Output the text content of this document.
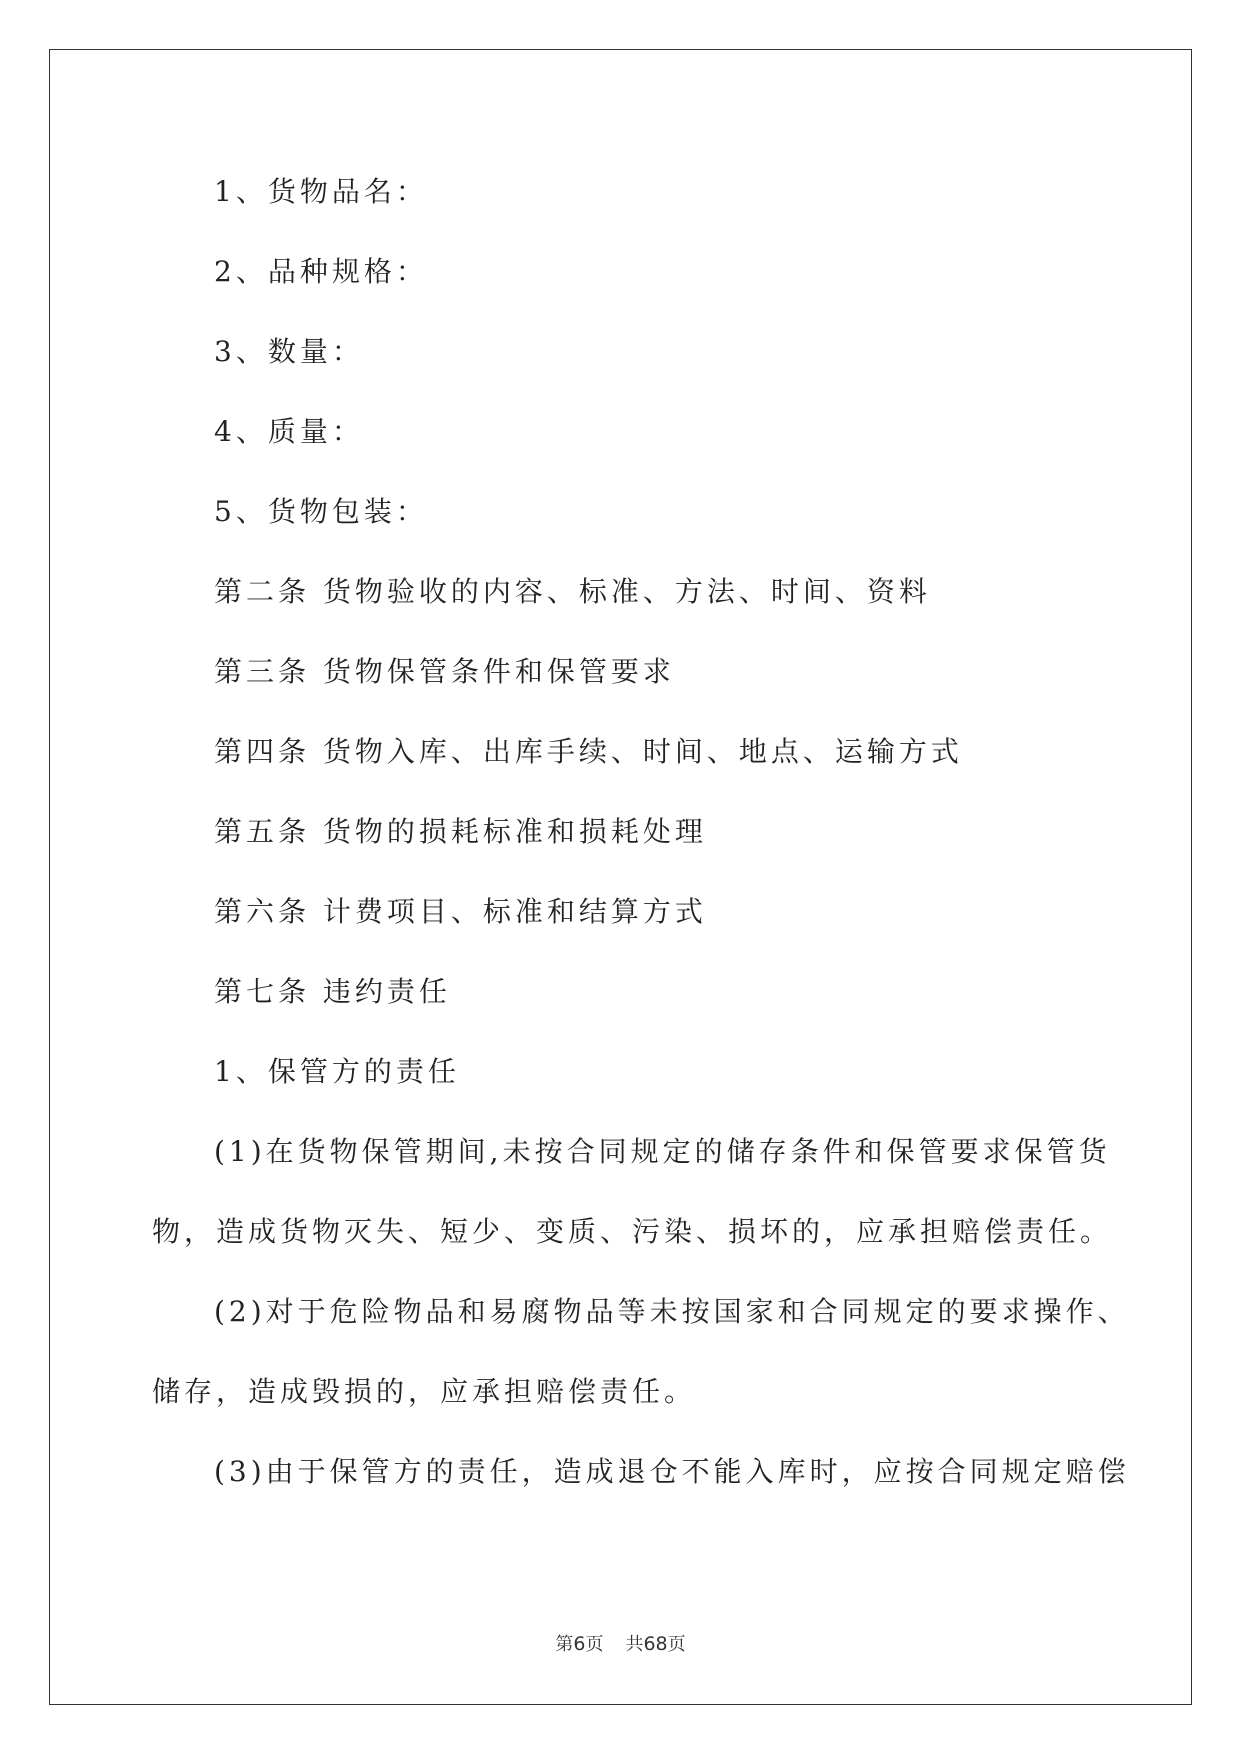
1、货物品名：
2、品种规格：
3、数量：
4、质量：
5、货物包装：
第二条 货物验收的内容、标准、方法、时间、资料
第三条 货物保管条件和保管要求
第四条 货物入库、出库手续、时间、地点、运输方式
第五条 货物的损耗标准和损耗处理
第六条 计费项目、标准和结算方式
第七条 违约责任
1、保管方的责任
(1)在货物保管期间,未按合同规定的储存条件和保管要求保管货
物，造成货物灭失、短少、变质、污染、损坏的，应承担赔偿责任。
(2)对于危险物品和易腐物品等未按国家和合同规定的要求操作、
储存，造成毁损的，应承担赔偿责任。
(3)由于保管方的责任，造成退仓不能入库时，应按合同规定赔偿
第6页 共68页
